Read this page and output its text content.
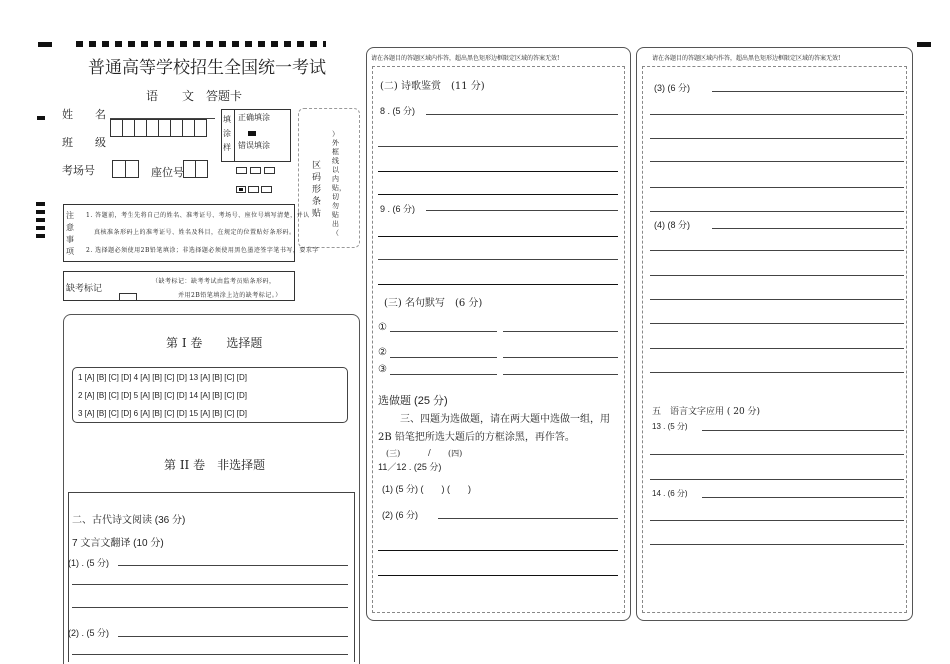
普通高等学校招生全国统一考试
语　　文　答题卡
姓　　名
班　　级
考场号	座位号
填　涂　样
正确填涂
错误填涂
区码形条贴
）外框线以内贴，切勿贴出（
注　意　事　项
1. 答题前，考生先将自己的姓名、准考证号、考场号、座位号填写清楚，并认
真核准条形码上的准考证号、姓名及科目，在规定的位置贴好条形码。
2. 选择题必须使用2B铅笔填涂；非选择题必须使用黑色墨迹签字笔书写，要求字
缺考标记
（缺考标记：缺考考试由监考员贴条形码，
并用2B铅笔填涂上边的缺考标记。）
第 I 卷　　选择题
1 [A] [B] [C] [D] 4 [A] [B] [C] [D] 13 [A] [B] [C] [D]
2 [A] [B] [C] [D] 5 [A] [B] [C] [D] 14 [A] [B] [C] [D]
3 [A] [B] [C] [D] 6 [A] [B] [C] [D] 15 [A] [B] [C] [D]
第 II 卷　非选择题
二、古代诗文阅读 (36 分)
7 文言文翻译 (10 分)
(1) . (5 分)
(2) . (5 分)
请在各题目的答题区域内作答，超出黑色矩形边框限定区域的答案无效!
(二) 诗歌鉴赏　(11 分)
8 . (5 分)
9 . (6 分)
(三) 名句默写　(6 分)
①
②
③
选做题 (25 分)
三、四题为选做题，请在两大题中选做一组，用
2B 铅笔把所选大题后的方框涂黑，再作答。
(三)	/ (四)
11／12 . (25 分)
(1) (5 分) (　　) (　　)
(2) (6 分)
请在各题目的答题区域内作答，超出黑色矩形边框限定区域的答案无效!
(3) (6 分)
(4) (8 分)
五　语言文字应用 ( 20 分)
13 . (5 分)
14 . (6 分)
